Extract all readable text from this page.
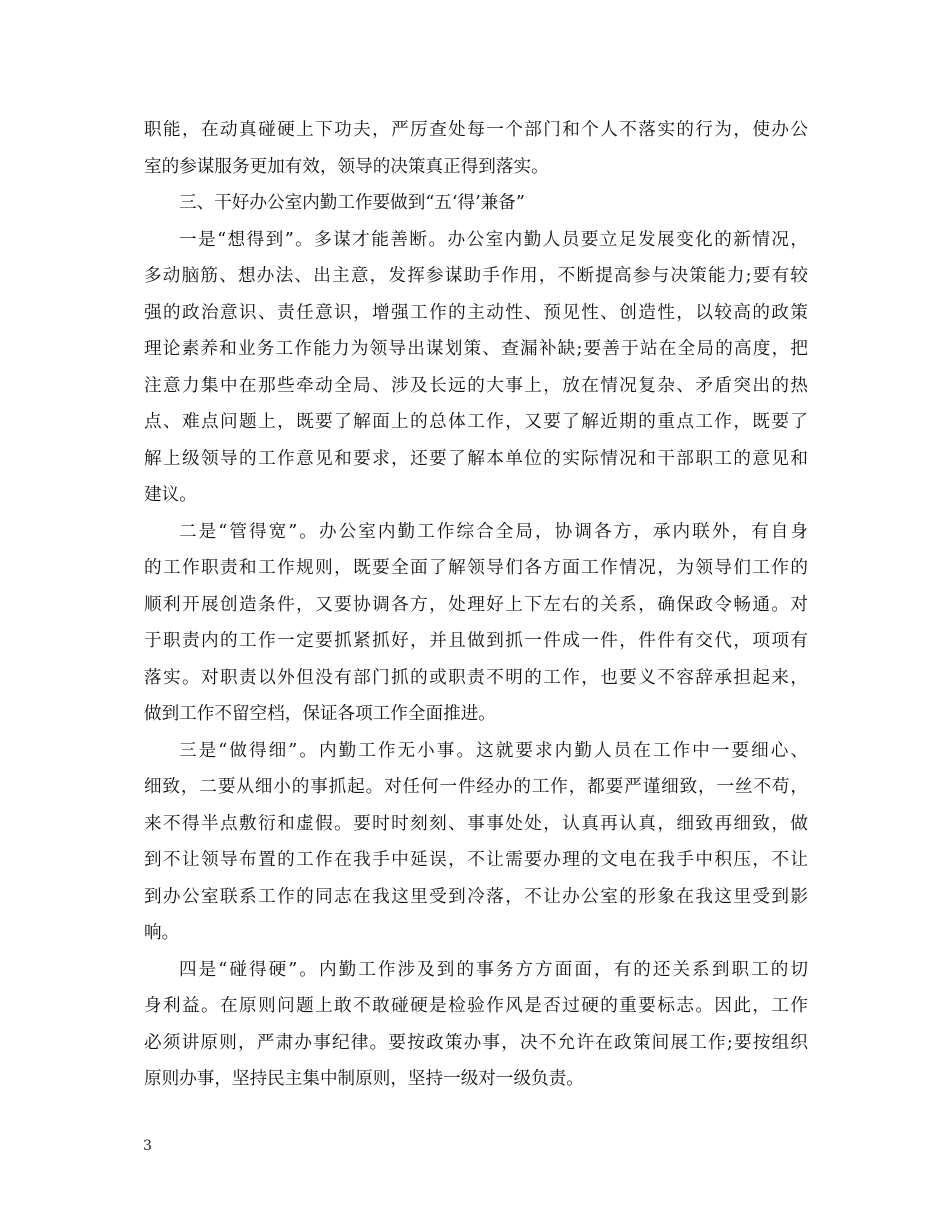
职能，在动真碰硬上下功夫，严厉查处每一个部门和个人不落实的行为，使办公
室的参谋服务更加有效，领导的决策真正得到落实。
三、干好办公室内勤工作要做到“五‘得’兼备”
一是“想得到”。多谋才能善断。办公室内勤人员要立足发展变化的新情况，
多动脑筋、想办法、出主意，发挥参谋助手作用，不断提高参与决策能力;要有较
强的政治意识、责任意识，增强工作的主动性、预见性、创造性，以较高的政策
理论素养和业务工作能力为领导出谋划策、查漏补缺;要善于站在全局的高度，把
注意力集中在那些牵动全局、涉及长远的大事上，放在情况复杂、矛盾突出的热
点、难点问题上，既要了解面上的总体工作，又要了解近期的重点工作，既要了
解上级领导的工作意见和要求，还要了解本单位的实际情况和干部职工的意见和
建议。
二是“管得宽”。办公室内勤工作综合全局，协调各方，承内联外，有自身
的工作职责和工作规则，既要全面了解领导们各方面工作情况，为领导们工作的
顺利开展创造条件，又要协调各方，处理好上下左右的关系，确保政令畅通。对
于职责内的工作一定要抓紧抓好，并且做到抓一件成一件，件件有交代，项项有
落实。对职责以外但没有部门抓的或职责不明的工作，也要义不容辞承担起来，
做到工作不留空档，保证各项工作全面推进。
三是“做得细”。内勤工作无小事。这就要求内勤人员在工作中一要细心、
细致，二要从细小的事抓起。对任何一件经办的工作，都要严谨细致，一丝不苟，
来不得半点敷衍和虚假。要时时刻刻、事事处处，认真再认真，细致再细致，做
到不让领导布置的工作在我手中延误，不让需要办理的文电在我手中积压，不让
到办公室联系工作的同志在我这里受到冷落，不让办公室的形象在我这里受到影
响。
四是“碰得硬”。内勤工作涉及到的事务方方面面，有的还关系到职工的切
身利益。在原则问题上敢不敢碰硬是检验作风是否过硬的重要标志。因此，工作
必须讲原则，严肃办事纪律。要按政策办事，决不允许在政策间展工作;要按组织
原则办事，坚持民主集中制原则，坚持一级对一级负责。
3
